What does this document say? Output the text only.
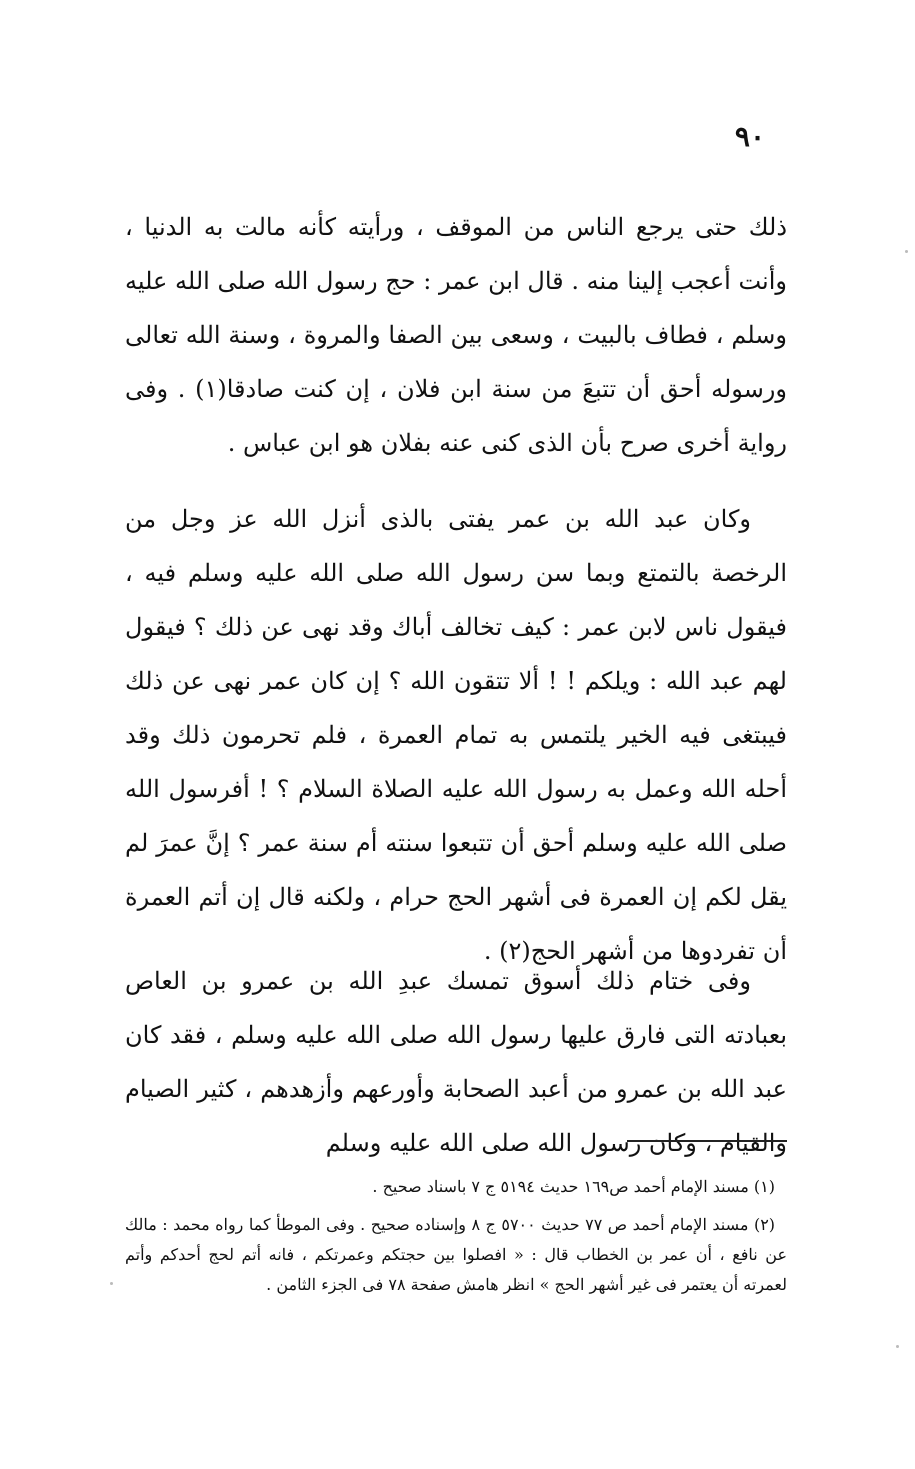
٩٠

ذلك حتى يرجع الناس من الموقف ، ورأيته كأنه مالت به الدنيا ، وأنت أعجب إلينا منه . قال ابن عمر : حج رسول الله صلى الله عليه وسلم ، فطاف بالبيت ، وسعى بين الصفا والمروة ، وسنة الله تعالى ورسوله أحق أن تتبعَ من سنة ابن فلان ، إن كنت صادقا(١) . وفى رواية أخرى صرح بأن الذى كنى عنه بفلان هو ابن عباس .

وكان عبد الله بن عمر يفتى بالذى أنزل الله عز وجل من الرخصة بالتمتع وبما سن رسول الله صلى الله عليه وسلم فيه ، فيقول ناس لابن عمر : كيف تخالف أباك وقد نهى عن ذلك ؟ فيقول لهم عبد الله : ويلكم ! ! ألا تتقون الله ؟ إن كان عمر نهى عن ذلك فيبتغى فيه الخير يلتمس به تمام العمرة ، فلم تحرمون ذلك وقد أحله الله وعمل به رسول الله عليه الصلاة السلام ؟ ! أفرسول الله صلى الله عليه وسلم أحق أن تتبعوا سنته أم سنة عمر ؟ إنَّ عمرَ لم يقل لكم إن العمرة فى أشهر الحج حرام ، ولكنه قال إن أتم العمرة أن تفردوها من أشهر الحج(٢) .

وفى ختام ذلك أسوق تمسك عبدِ الله بن عمرو بن العاص بعبادته التى فارق عليها رسول الله صلى الله عليه وسلم ، فقد كان عبد الله بن عمرو من أعبد الصحابة وأورعهم وأزهدهم ، كثير الصيام والقيام ، وكان رسول الله صلى الله عليه وسلم

(١) مسند الإمام أحمد ص١٦٩ حديث ٥١٩٤ ج ٧ باسناد صحيح .

(٢) مسند الإمام أحمد ص ٧٧ حديث ٥٧٠٠ ج ٨ وإسناده صحيح . وفى الموطأ كما رواه محمد : مالك عن نافع ، أن عمر بن الخطاب قال : « افصلوا بين حجتكم وعمرتكم ، فانه أتم لحج أحدكم وأتم لعمرته أن يعتمر فى غير أشهر الحج » انظر هامش صفحة ٧٨ فى الجزء الثامن .
